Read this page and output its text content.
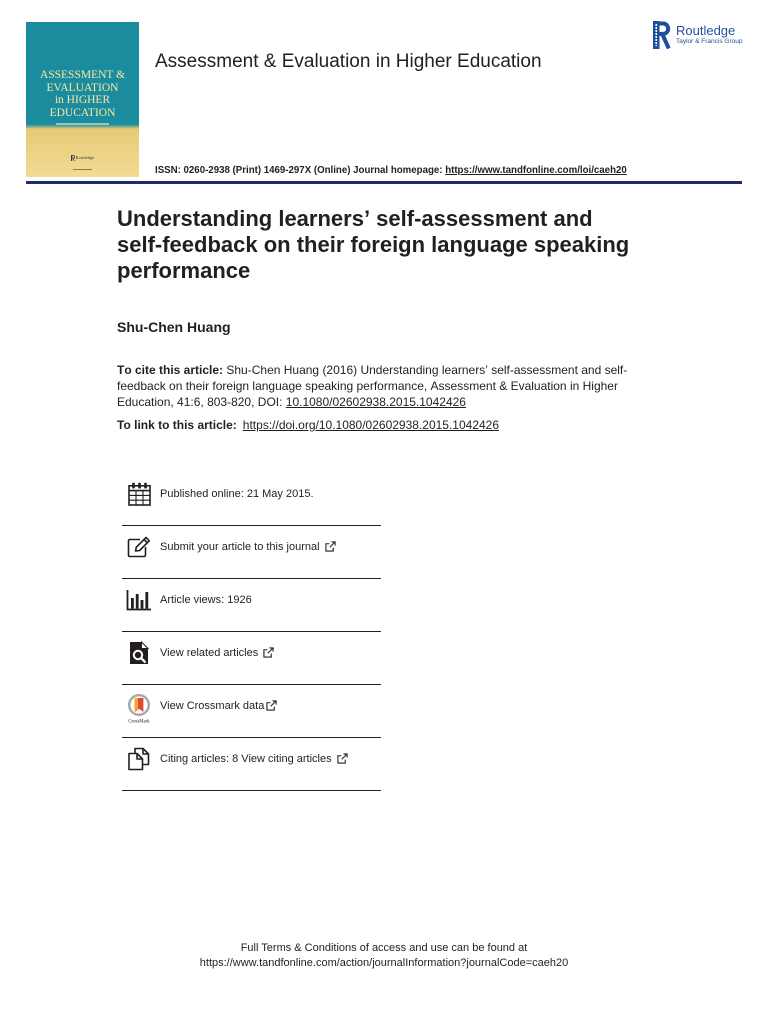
ASSESSMENT &
EVALUATION
in HIGHER
EDUCATION
Routledge
Assessment & Evaluation in Higher Education
ISSN: 0260-2938 (Print) 1469-297X (Online) Journal homepage: https://www.tandfonline.com/loi/caeh20
Routledge
Taylor & Francis Group
Understanding learners’ self-assessment and self-feedback on their foreign language speaking performance
Shu-Chen Huang
To cite this article: Shu-Chen Huang (2016) Understanding learners’ self-assessment and self-feedback on their foreign language speaking performance, Assessment & Evaluation in Higher Education, 41:6, 803-820, DOI: 10.1080/02602938.2015.1042426
To link to this article: https://doi.org/10.1080/02602938.2015.1042426
Published online: 21 May 2015.
Submit your article to this journal
Article views: 1926
View related articles
CrossMark
View Crossmark data
Citing articles: 8 View citing articles
Full Terms & Conditions of access and use can be found at
https://www.tandfonline.com/action/journalInformation?journalCode=caeh20
